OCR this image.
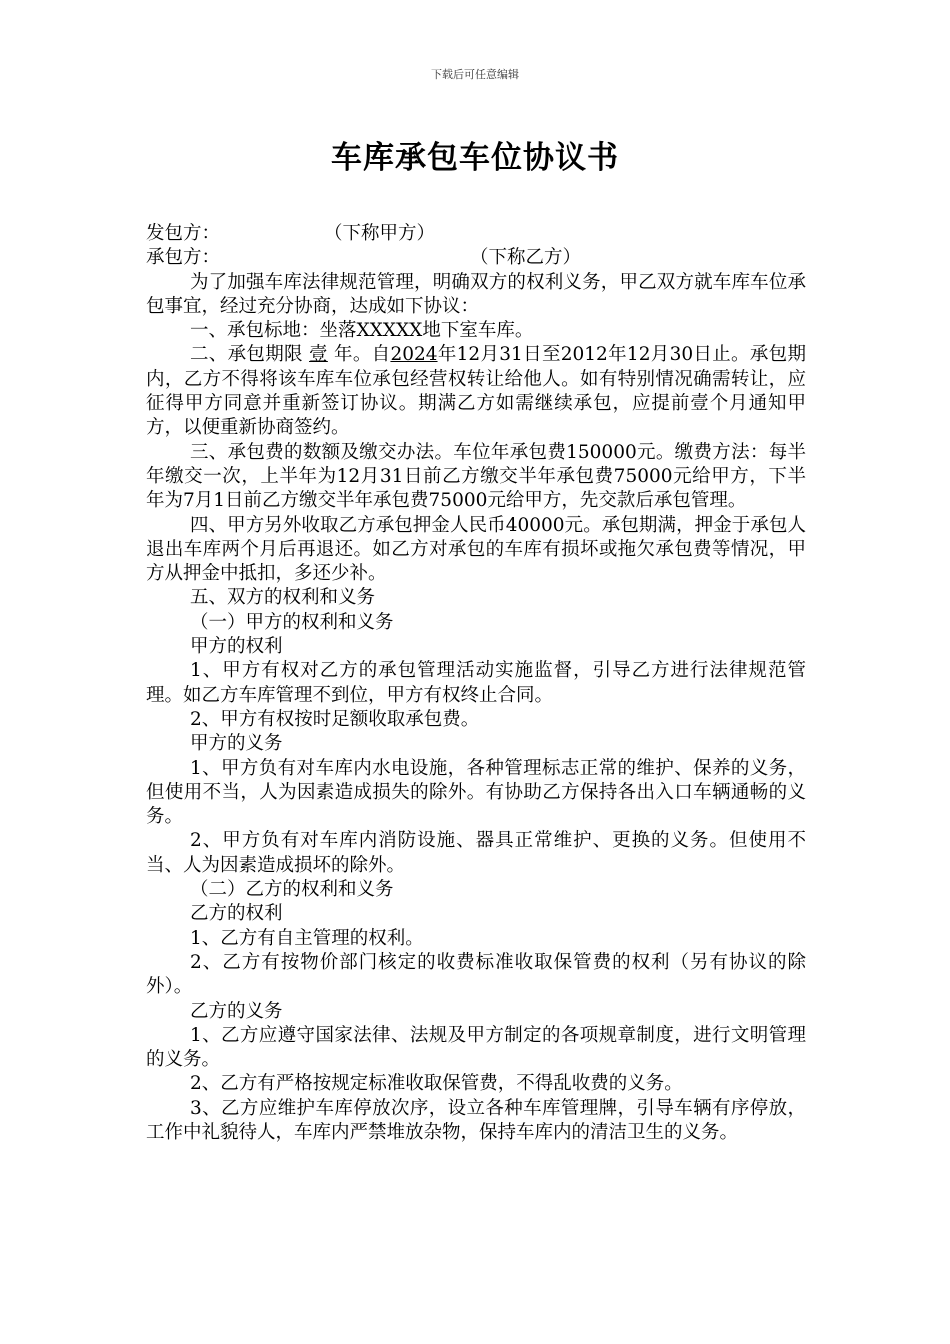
下载后可任意编辑
车库承包车位协议书
发包方：	（下称甲方）
承包方：	（下称乙方）

为了加强车库法律规范管理，明确双方的权利义务，甲乙双方就车库车位承包事宜，经过充分协商，达成如下协议：

一、承包标地：坐落XXXXX地下室车库。

二、承包期限 壹 年。自2024年12月31日至2012年12月30日止。承包期内，乙方不得将该车库车位承包经营权转让给他人。如有特别情况确需转让，应征得甲方同意并重新签订协议。期满乙方如需继续承包，应提前壹个月通知甲方，以便重新协商签约。

三、承包费的数额及缴交办法。车位年承包费150000元。缴费方法：每半年缴交一次，上半年为12月31日前乙方缴交半年承包费75000元给甲方，下半年为7月1日前乙方缴交半年承包费75000元给甲方，先交款后承包管理。

四、甲方另外收取乙方承包押金人民币40000元。承包期满，押金于承包人退出车库两个月后再退还。如乙方对承包的车库有损坏或拖欠承包费等情况，甲方从押金中抵扣，多还少补。

五、双方的权利和义务

（一）甲方的权利和义务

甲方的权利

1、甲方有权对乙方的承包管理活动实施监督，引导乙方进行法律规范管理。如乙方车库管理不到位，甲方有权终止合同。

2、甲方有权按时足额收取承包费。

甲方的义务

1、甲方负有对车库内水电设施，各种管理标志正常的维护、保养的义务，但使用不当，人为因素造成损失的除外。有协助乙方保持各出入口车辆通畅的义务。

2、甲方负有对车库内消防设施、器具正常维护、更换的义务。但使用不当、人为因素造成损坏的除外。

（二）乙方的权利和义务

乙方的权利

1、乙方有自主管理的权利。

2、乙方有按物价部门核定的收费标准收取保管费的权利（另有协议的除外）。

乙方的义务

1、乙方应遵守国家法律、法规及甲方制定的各项规章制度，进行文明管理的义务。

2、乙方有严格按规定标准收取保管费，不得乱收费的义务。

3、乙方应维护车库停放次序，设立各种车库管理牌，引导车辆有序停放，工作中礼貌待人，车库内严禁堆放杂物，保持车库内的清洁卫生的义务。
